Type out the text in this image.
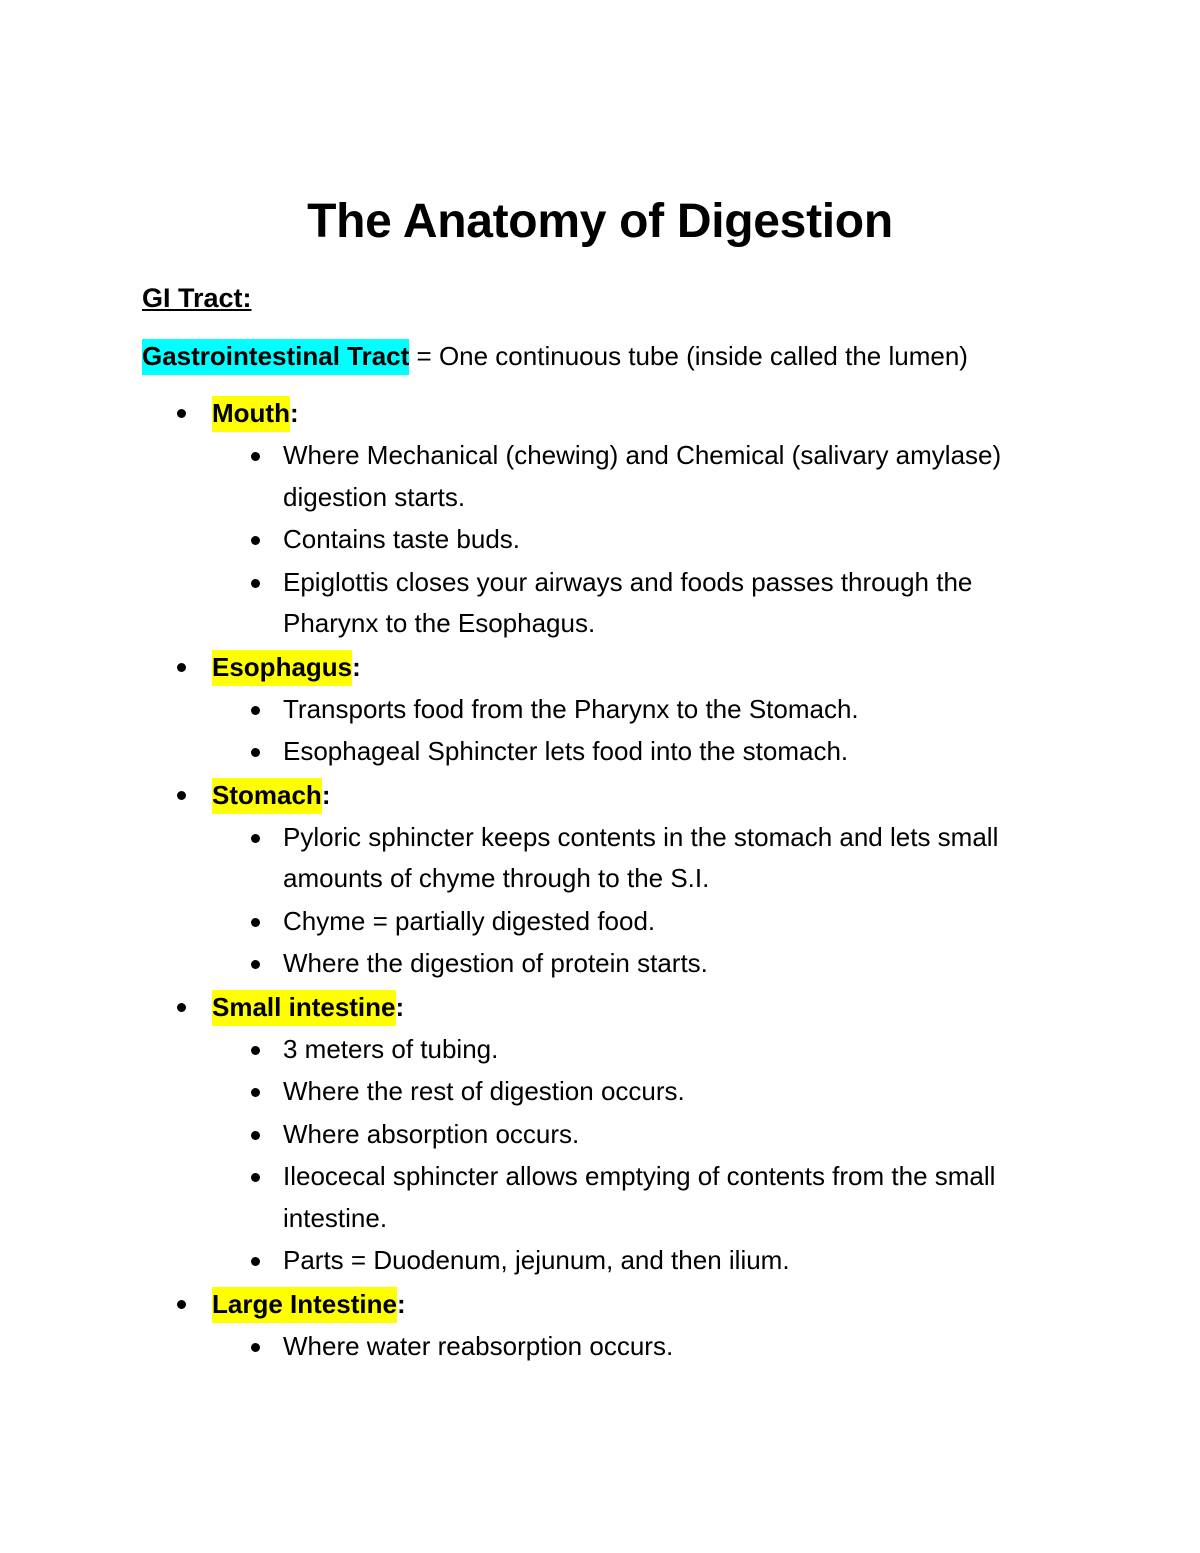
The Anatomy of Digestion
GI Tract:
Gastrointestinal Tract = One continuous tube (inside called the lumen)
Mouth:
Where Mechanical (chewing) and Chemical (salivary amylase) digestion starts.
Contains taste buds.
Epiglottis closes your airways and foods passes through the Pharynx to the Esophagus.
Esophagus:
Transports food from the Pharynx to the Stomach.
Esophageal Sphincter lets food into the stomach.
Stomach:
Pyloric sphincter keeps contents in the stomach and lets small amounts of chyme through to the S.I.
Chyme = partially digested food.
Where the digestion of protein starts.
Small intestine:
3 meters of tubing.
Where the rest of digestion occurs.
Where absorption occurs.
Ileocecal sphincter allows emptying of contents from the small intestine.
Parts = Duodenum, jejunum, and then ilium.
Large Intestine:
Where water reabsorption occurs.
